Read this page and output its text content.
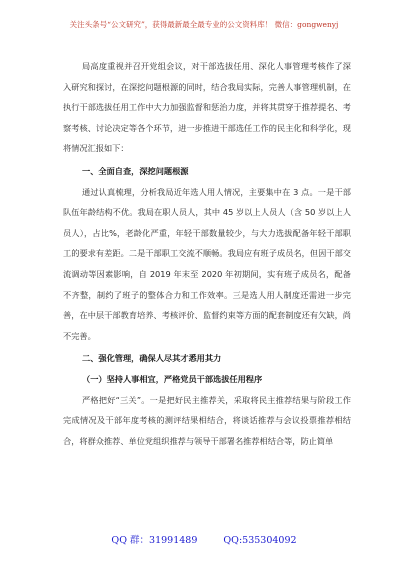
关注头条号“公文研究”，获得最新最全最专业的公文资料库！ 微信：gongwenyj

局高度重视并召开党组会议，对干部选拔任用、深化人事管理考核作了深入研究和探讨，在深挖问题根源的同时，结合我局实际，完善人事管理机制，在执行干部选拔任用工作中大力加强监督和惩治力度，并将其贯穿于推荐提名、考察考核、讨论决定等各个环节，进一步推进干部选任工作的民主化和科学化，现将情况汇报如下：

一、全面自查，深挖问题根源

通过认真梳理，分析我局近年选人用人情况，主要集中在 3 点。一是干部队伍年龄结构不优。我局在职人员人，其中 45 岁以上人员人（含 50 岁以上人员人），占比%，老龄化严重，年轻干部数量较少，与大力选拔配备年轻干部职工的要求有差距。二是干部职工交流不顺畅。我局应有班子成员名，但因干部交流调动等因素影响，自 2019 年末至 2020 年初期间，实有班子成员名，配备不齐整，制约了班子的整体合力和工作效率。三是选人用人制度还需进一步完善，在中层干部教育培养、考核评价、监督约束等方面的配套制度还有欠缺，尚不完善。

二、强化管理，确保人尽其才悉用其力

（一）坚持人事相宜，严格党员干部选拔任用程序

严格把好“三关”。一是把好民主推荐关，采取将民主推荐结果与阶段工作完成情况及干部年度考核的测评结果相结合，将谈话推荐与会议投票推荐相结合，将群众推荐、单位党组织推荐与领导干部署名推荐相结合等，防止简单

QQ 群：31991489	QQ:535304092
